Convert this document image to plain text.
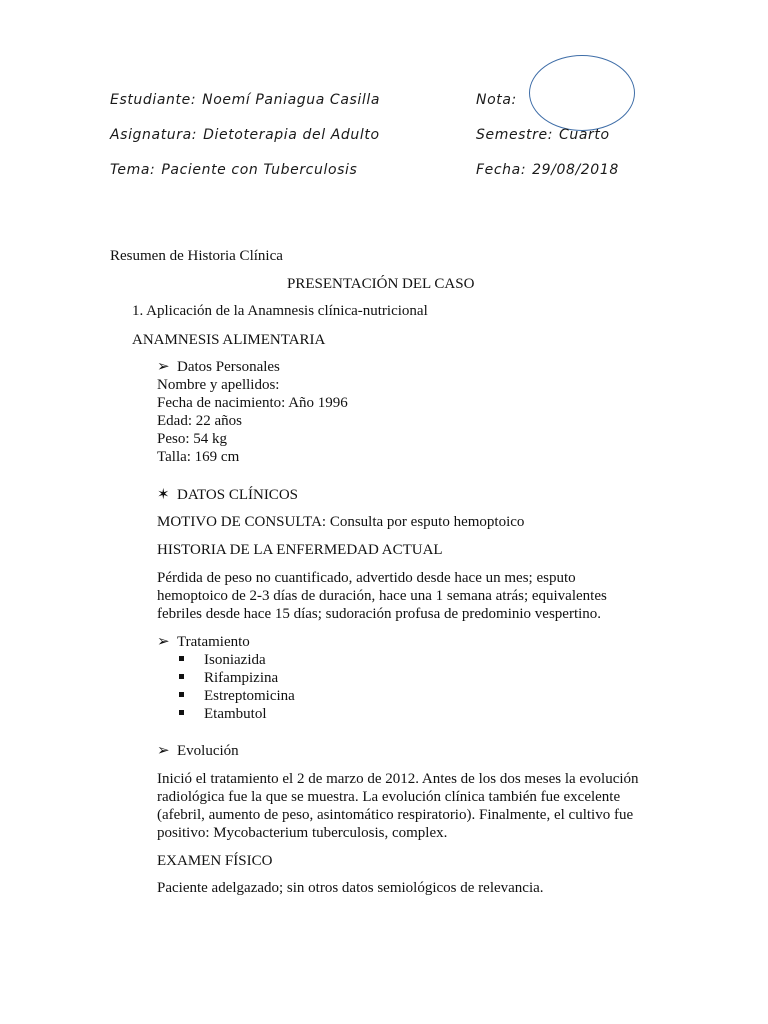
Estudiante: Noemí Paniagua Casilla
Asignatura: Dietoterapia del Adulto
Tema: Paciente con Tuberculosis
Nota:
Semestre: Cuarto
Fecha: 29/08/2018
Resumen de Historia Clínica
PRESENTACIÓN DEL CASO
1. Aplicación de la Anamnesis clínica-nutricional
ANAMNESIS ALIMENTARIA
➢ Datos Personales
Nombre y apellidos:
Fecha de nacimiento: Año 1996
Edad: 22 años
Peso: 54 kg
Talla: 169 cm
✶ DATOS CLÍNICOS
MOTIVO DE CONSULTA: Consulta por esputo hemoptoico
HISTORIA DE LA ENFERMEDAD ACTUAL
Pérdida de peso no cuantificado, advertido desde hace un mes; esputo
hemoptoico de 2-3 días de duración, hace una 1 semana atrás; equivalentes
febriles desde hace 15 días; sudoración profusa de predominio vespertino.
➢ Tratamiento
Isoniazida
Rifampizina
Estreptomicina
Etambutol
➢ Evolución
Inició el tratamiento el 2 de marzo de 2012. Antes de los dos meses la evolución
radiológica fue la que se muestra. La evolución clínica también fue excelente
(afebril, aumento de peso, asintomático respiratorio). Finalmente, el cultivo fue
positivo: Mycobacterium tuberculosis, complex.
EXAMEN FÍSICO
Paciente adelgazado; sin otros datos semiológicos de relevancia.
